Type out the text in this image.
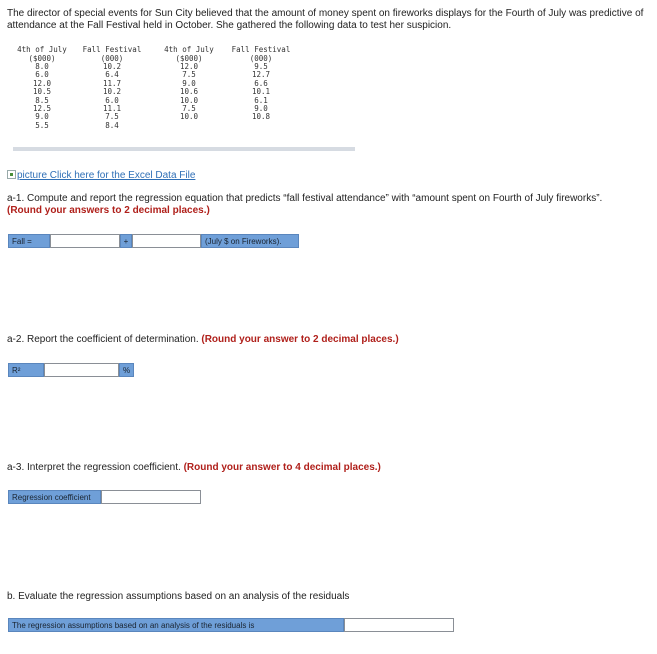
The director of special events for Sun City believed that the amount of money spent on fireworks displays for the Fourth of July was predictive of attendance at the Fall Festival held in October. She gathered the following data to test her suspicion.
4th of July	Fall Festival	4th of July	Fall Festival
($000)	(000)	($000)	(000)
8.0	10.2	12.0	9.5
6.0	6.4	7.5	12.7
12.0	11.7	9.0	6.6
10.5	10.2	10.6	10.1
8.5	6.0	10.0	6.1
12.5	11.1	7.5	9.0
9.0	7.5	10.0	10.8
5.5	8.4		
picture Click here for the Excel Data File
a-1. Compute and report the regression equation that predicts “fall festival attendance” with “amount spent on Fourth of July fireworks”. (Round your answers to 2 decimal places.)
Fall =	+	(July $ on Fireworks).
a-2. Report the coefficient of determination. (Round your answer to 2 decimal places.)
R²	%
a-3. Interpret the regression coefficient. (Round your answer to 4 decimal places.)
Regression coefficient
b. Evaluate the regression assumptions based on an analysis of the residuals
The regression assumptions based on an analysis of the residuals is
